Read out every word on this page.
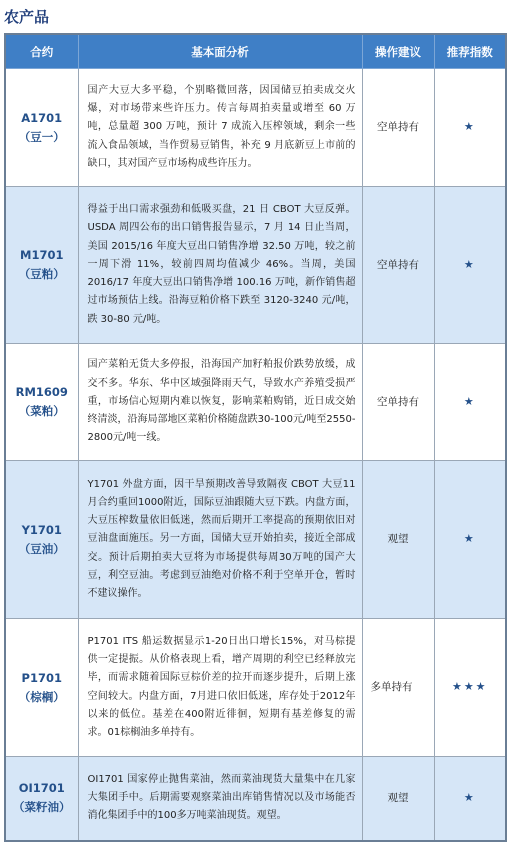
农产品
合约	基本面分析	操作建议	推荐指数

A1701
（豆一）	国产大豆大多平稳，个别略微回落，因国储豆拍卖成交火爆，对市场带来些许压力。传言每周拍卖量或增至 60 万吨，总量超 300 万吨，预计 7 成流入压榨领域，剩余一些流入食品领域，当作贸易豆销售，补充 9 月底新豆上市前的缺口，其对国产豆市场构成些许压力。	空单持有	★

M1701
（豆粕）	得益于出口需求强劲和低吸买盘，21 日 CBOT 大豆反弹。USDA 周四公布的出口销售报告显示，7 月 14 日止当周，美国 2015/16 年度大豆出口销售净增 32.50 万吨，较之前一周下滑 11%，较前四周均值减少 46%。当周，美国 2016/17 年度大豆出口销售净增 100.16 万吨，新作销售超过市场预估上线。沿海豆粕价格下跌至 3120-3240 元/吨，跌 30-80 元/吨。	空单持有	★

RM1609
（菜粕）	国产菜粕无货大多停报，沿海国产加籽粕报价跌势放缓，成交不多。华东、华中区域强降雨天气，导致水产养殖受损严重，市场信心短期内难以恢复，影响菜粕购销，近日成交始终清淡，沿海局部地区菜粕价格随盘跌30-100元/吨至2550-2800元/吨一线。	空单持有	★

Y1701
（豆油）	Y1701 外盘方面，因干旱预期改善导致隔夜 CBOT 大豆11月合约重回1000附近，国际豆油跟随大豆下跌。内盘方面，大豆压榨数量依旧低迷，然而后期开工率提高的预期依旧对豆油盘面施压。另一方面，国储大豆开始拍卖，接近全部成交。预计后期拍卖大豆将为市场提供每周30万吨的国产大豆，利空豆油。考虑到豆油绝对价格不利于空单开仓，暂时不建议操作。	观望	★

P1701
（棕榈）	P1701 ITS 船运数据显示1-20日出口增长15%，对马棕提供一定提振。从价格表现上看，增产周期的利空已经释放完毕，而需求随着国际豆棕价差的拉开而逐步提升，后期上涨空间较大。内盘方面，7月进口依旧低迷，库存处于2012年以来的低位。基差在400附近徘徊，短期有基差修复的需求。01棕榈油多单持有。	多单持有	★★★

OI1701
（菜籽油）	OI1701 国家停止抛售菜油，然而菜油现货大量集中在几家大集团手中。后期需要观察菜油出库销售情况以及市场能否消化集团手中的100多万吨菜油现货。观望。	观望	★
